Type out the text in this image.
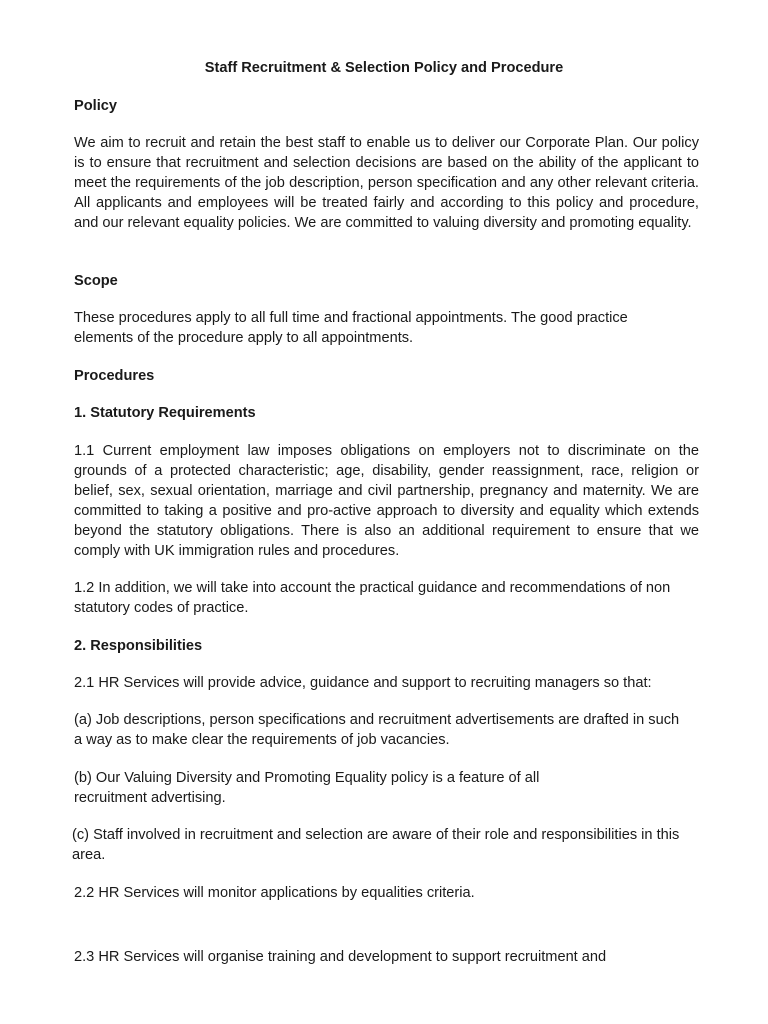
Staff Recruitment & Selection Policy and Procedure

Policy

We aim to recruit and retain the best staff to enable us to deliver our Corporate Plan. Our policy is to ensure that recruitment and selection decisions are based on the ability of the applicant to meet the requirements of the job description, person specification and any other relevant criteria. All applicants and employees will be treated fairly and according to this policy and procedure, and our relevant equality policies. We are committed to valuing diversity and promoting equality.

Scope

These procedures apply to all full time and fractional appointments. The good practice elements of the procedure apply to all appointments.

Procedures

1. Statutory Requirements

1.1 Current employment law imposes obligations on employers not to discriminate on the grounds of a protected characteristic; age, disability, gender reassignment, race, religion or belief, sex, sexual orientation, marriage and civil partnership, pregnancy and maternity. We are committed to taking a positive and pro-active approach to diversity and equality which extends beyond the statutory obligations. There is also an additional requirement to ensure that we comply with UK immigration rules and procedures.

1.2 In addition, we will take into account the practical guidance and recommendations of non statutory codes of practice.

2. Responsibilities

2.1 HR Services will provide advice, guidance and support to recruiting managers so that:

(a) Job descriptions, person specifications and recruitment advertisements are drafted in such a way as to make clear the requirements of job vacancies.

(b) Our Valuing Diversity and Promoting Equality policy is a feature of all recruitment advertising.

(c) Staff involved in recruitment and selection are aware of their role and responsibilities in this area.

2.2 HR Services will monitor applications by equalities criteria.

2.3 HR Services will organise training and development to support recruitment and
